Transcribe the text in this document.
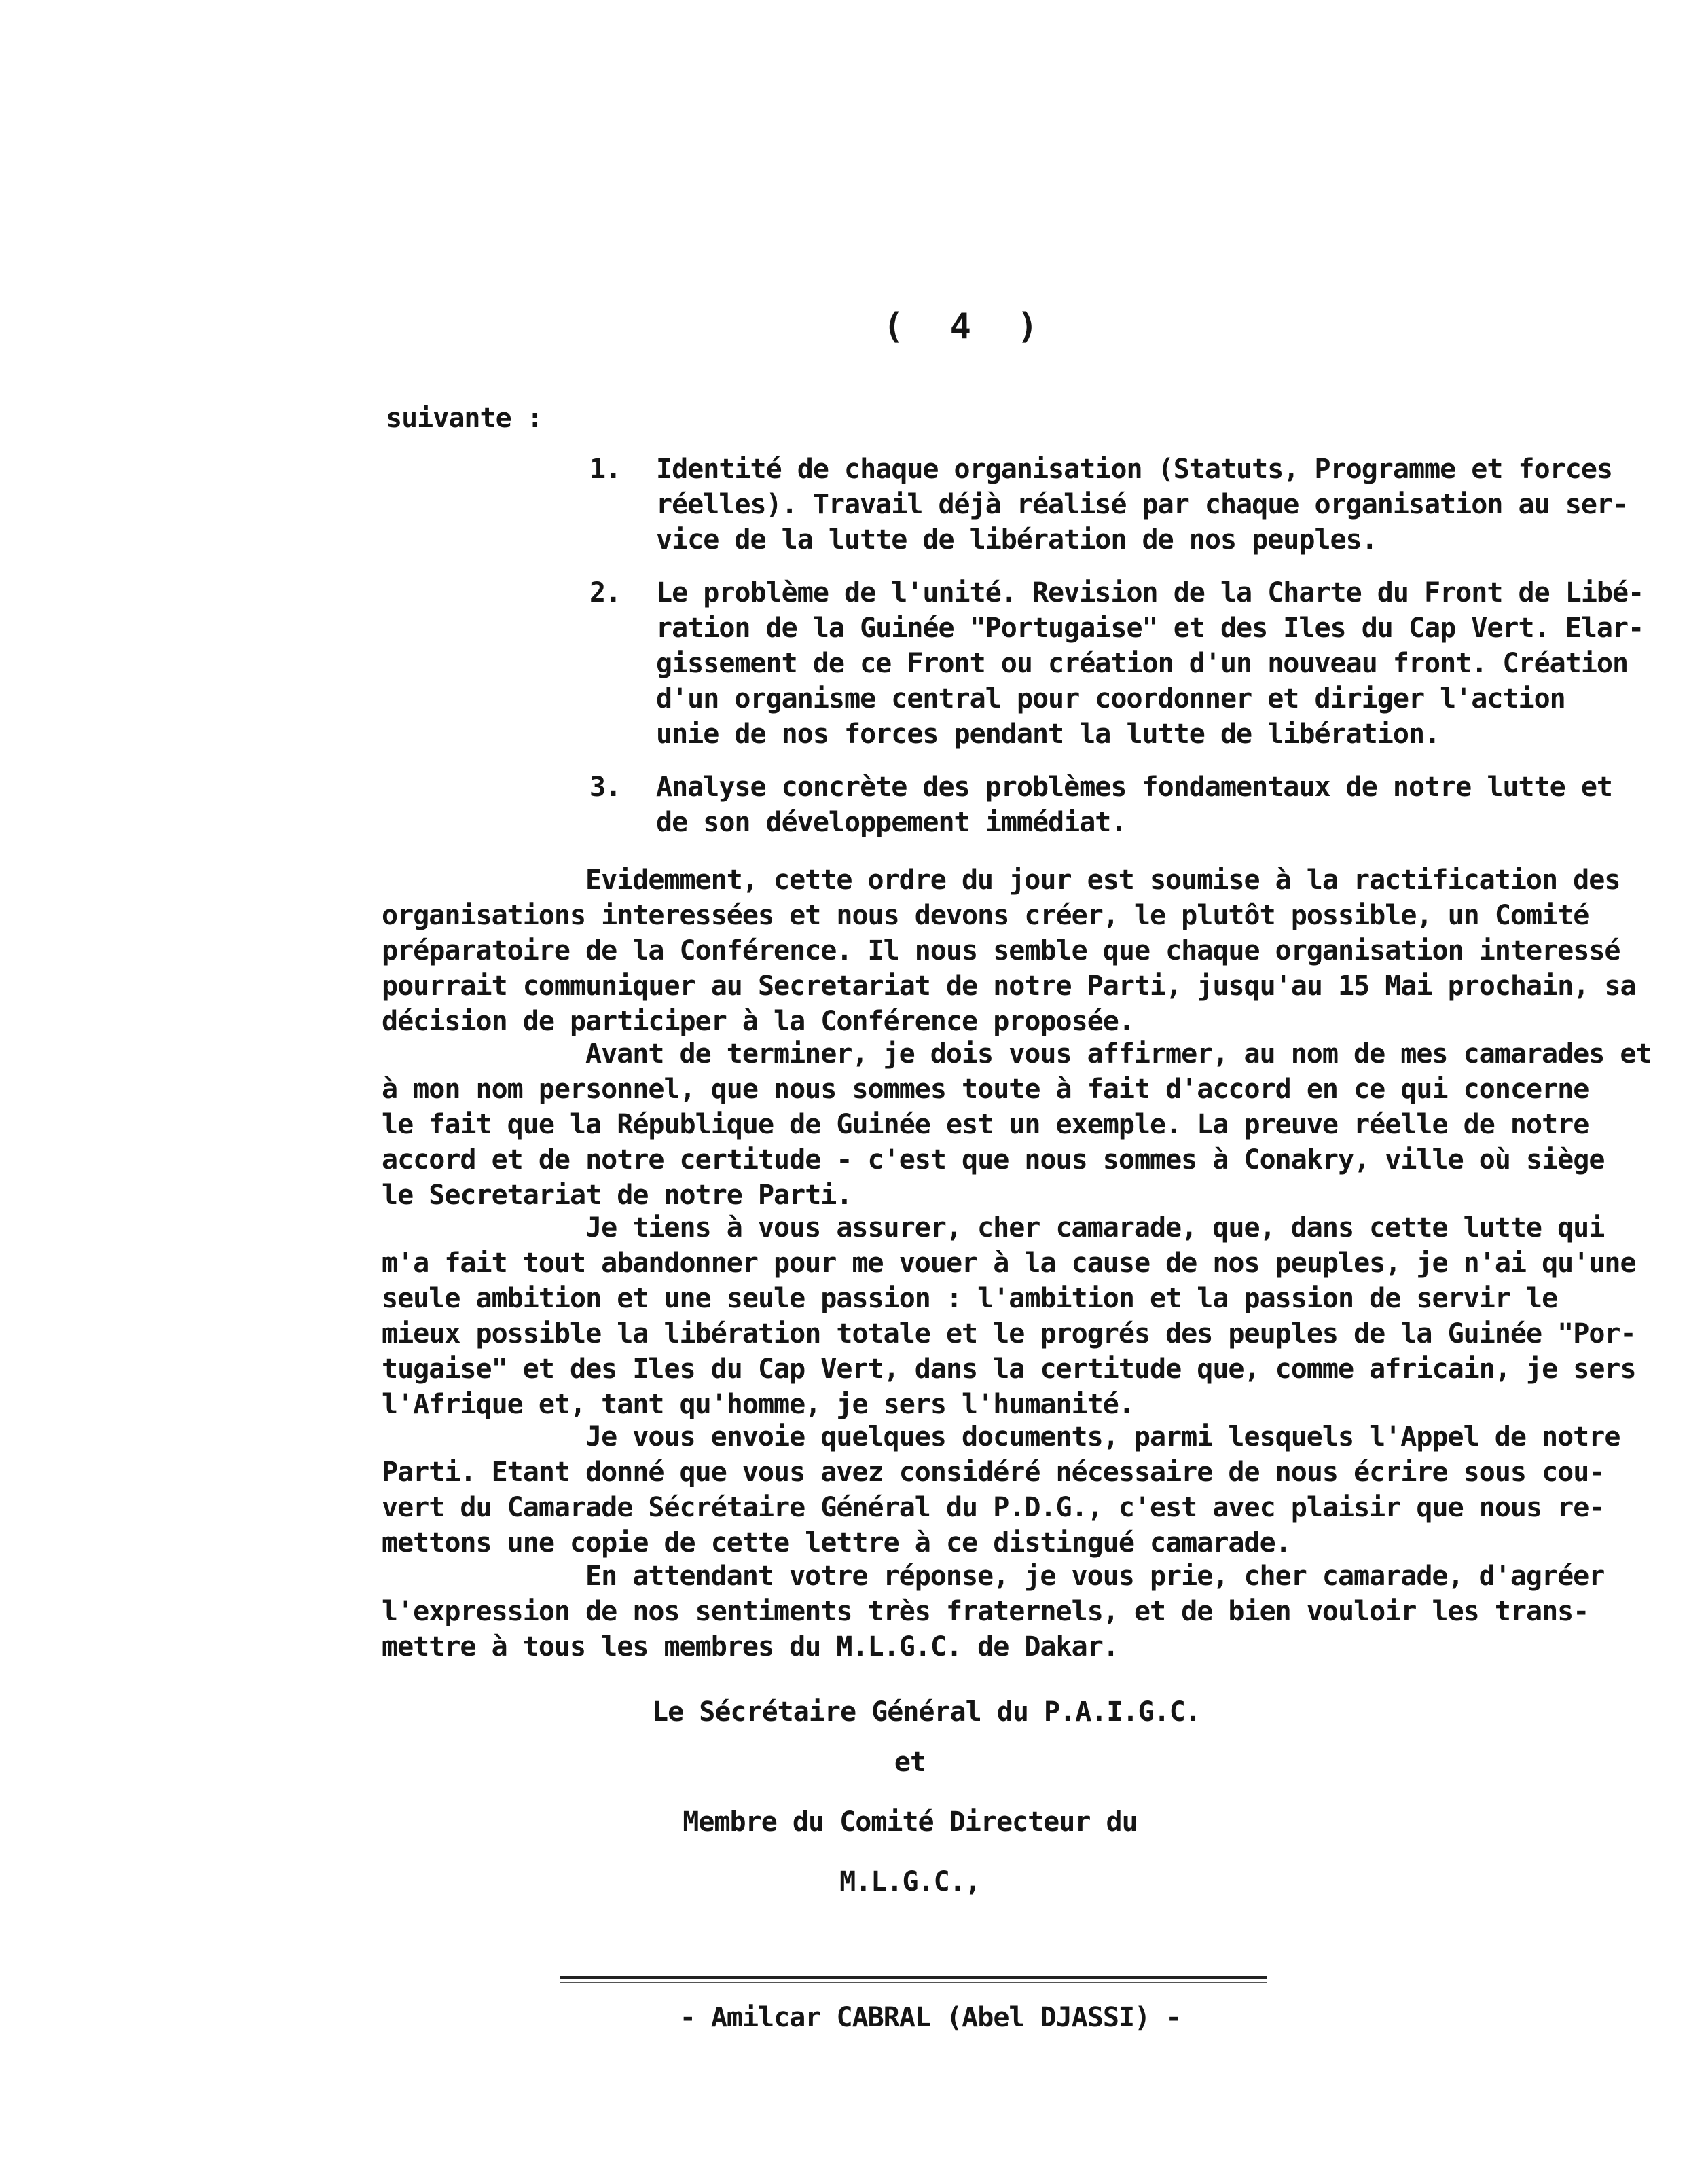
( 4 )
suivante :
1. Identité de chaque organisation (Statuts, Programme et forces
réelles). Travail déjà réalisé par chaque organisation au ser-
vice de la lutte de libération de nos peuples.
2. Le problème de l'unité. Revision de la Charte du Front de Libé-
ration de la Guinée "Portugaise" et des Iles du Cap Vert. Elar-
gissement de ce Front ou création d'un nouveau front. Création
d'un organisme central pour coordonner et diriger l'action
unie de nos forces pendant la lutte de libération.
3. Analyse concrète des problèmes fondamentaux de notre lutte et
de son développement immédiat.
Evidemment, cette ordre du jour est soumise à la ractification des
organisations interessées et nous devons créer, le plutôt possible, un Comité
préparatoire de la Conférence. Il nous semble que chaque organisation interessé
pourrait communiquer au Secretariat de notre Parti, jusqu'au 15 Mai prochain, sa
décision de participer à la Conférence proposée.
Avant de terminer, je dois vous affirmer, au nom de mes camarades et
à mon nom personnel, que nous sommes toute à fait d'accord en ce qui concerne
le fait que la République de Guinée est un exemple. La preuve réelle de notre
accord et de notre certitude - c'est que nous sommes à Conakry, ville où siège
le Secretariat de notre Parti.
Je tiens à vous assurer, cher camarade, que, dans cette lutte qui
m'a fait tout abandonner pour me vouer à la cause de nos peuples, je n'ai qu'une
seule ambition et une seule passion : l'ambition et la passion de servir le
mieux possible la libération totale et le progrés des peuples de la Guinée "Por-
tugaise" et des Iles du Cap Vert, dans la certitude que, comme africain, je sers
l'Afrique et, tant qu'homme, je sers l'humanité.
Je vous envoie quelques documents, parmi lesquels l'Appel de notre
Parti. Etant donné que vous avez considéré nécessaire de nous écrire sous cou-
vert du Camarade Sécrétaire Général du P.D.G., c'est avec plaisir que nous re-
mettons une copie de cette lettre à ce distingué camarade.
En attendant votre réponse, je vous prie, cher camarade, d'agréer
l'expression de nos sentiments très fraternels, et de bien vouloir les trans-
mettre à tous les membres du M.L.G.C. de Dakar.
Le Sécrétaire Général du P.A.I.G.C.
et
Membre du Comité Directeur du
M.L.G.C.,
- Amilcar CABRAL (Abel DJASSI) -
